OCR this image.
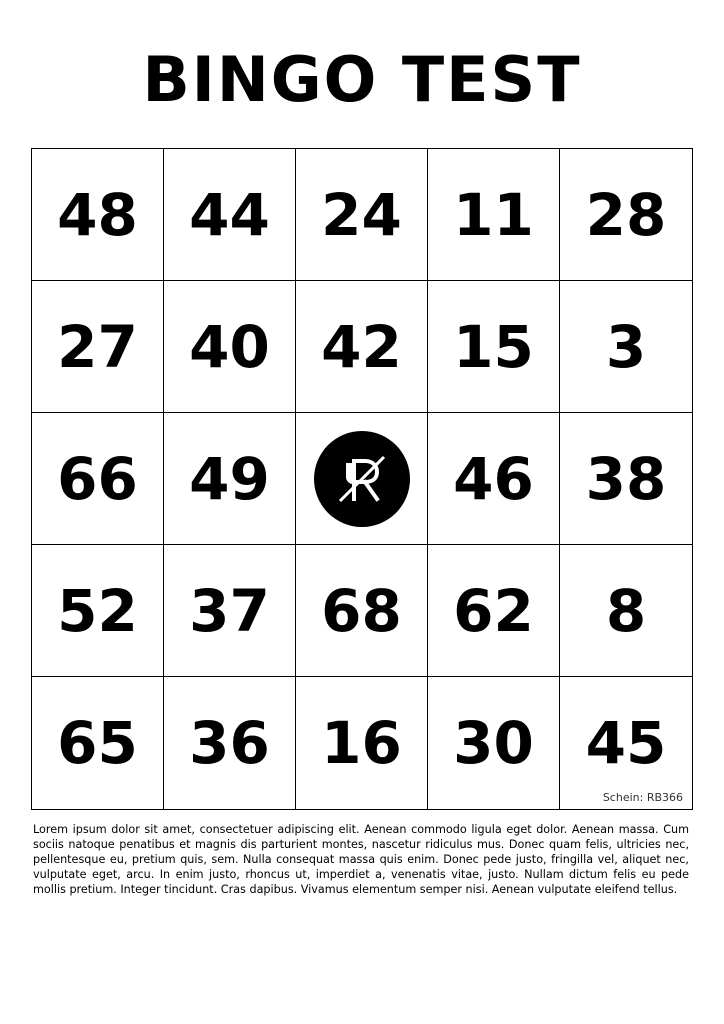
BINGO TEST
48 44 24 11 28
27 40 42 15 3
66 49	46 38
52 37 68 62 8
65 36 16 30 45
Schein: RB366
Lorem ipsum dolor sit amet, consectetuer adipiscing elit. Aenean commodo ligula eget dolor. Aenean massa. Cum sociis natoque penatibus et magnis dis parturient montes, nascetur ridiculus mus. Donec quam felis, ultricies nec, pellentesque eu, pretium quis, sem. Nulla consequat massa quis enim. Donec pede justo, fringilla vel, aliquet nec, vulputate eget, arcu. In enim justo, rhoncus ut, imperdiet a, venenatis vitae, justo. Nullam dictum felis eu pede mollis pretium. Integer tincidunt. Cras dapibus. Vivamus elementum semper nisi. Aenean vulputate eleifend tellus.
